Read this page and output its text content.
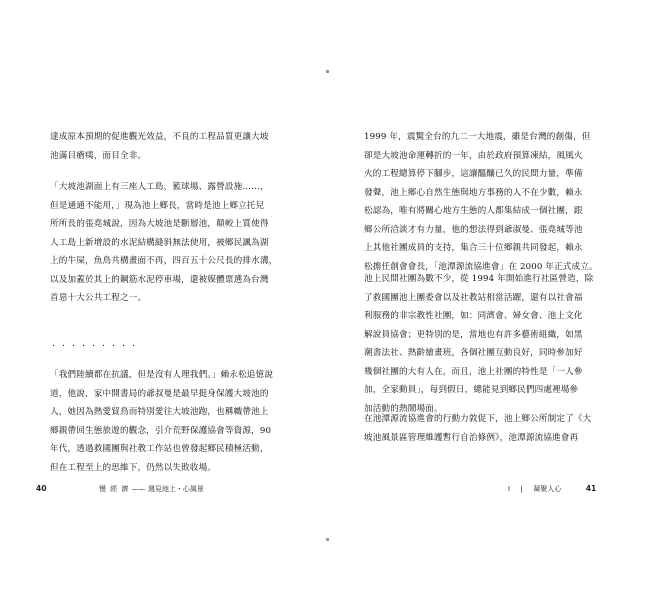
達成原本預期的促進觀光效益，不良的工程品質更讓大坡
池滿目瘡痍，面目全非。
「大坡池湖面上有三座人工島，籃球場、露營設施……，
但是通通不能用，」現為池上鄉長，當時是池上鄉立托兒
所所長的張堯城說，因為大坡池是斷層池，顛較上質使得
人工島上新增設的水泥結構縫斜無法使用，被鄉民諷為湖
上的牛屎，魚鳥共構畫面不再，四百五十公尺長的排水溝，
以及加蓋於其上的鋼筋水泥停車場，還被媒體票選為台灣
首惡十大公共工程之一。
．．．．．．．．．
「我們陸續都在抗議，但是沒有人理我們。」賴永松追憶說
道，他說，家中開書局的爺叔曼是最早挺身保護大坡池的
人，她因為熱愛貿鳥而特別愛往大坡池跑，也稱幟帶池上
鄉親帶回生態旅遊的觀念，引介荒野保護協會等資源，90
年代，透過救國團與社教工作站也曾發起鄉民積極活動，
但在工程至上的思維下，仍然以失敗收場。
40	慢 經 濟 —— 週見池上・心風景
1999 年，震驚全台的九二一大地震，雖是台灣的創傷，但
卻是大坡池命運轉折的一年，由於政府預算凍結，風風火
火的工程總算停下腳步，這讓醞釀已久的民間力量，準備
發聲，池上鄉心自然生態與地方事務的人不在少數，賴永
松認為，唯有將關心地方生態的人都集結成一個社團，跟
鄉公所洽談才有力量，他的想法得到爺淑曼、張堯城等池
上其他社團成員的支持，集合三十位鄉親共同發起，賴永
松擔任創會會長，「池潭源流協進會」在 2000 年正式成立。
池上民間社團為數不少，從 1994 年開始進行社區營造，除
了救國團池上團委會以及社教站相當活躍，還有以社會福
利服務的非宗教性社團，如：同濟會、婦女會、池上文化
解說員協會；更特別的是，當地也有許多藝術組織，如黑
潮書法社、熱齡繪畫班，各個社團互動良好，同時參加好
幾個社團的大有人在，而且，池上社團的特性是「一人參
加，全家動員」，每到假日，總能見到鄉民們四處裡場參
加活動的熱鬧場面。
在池潭源流協進會的行動力敦促下，池上鄉公所制定了《大
坡池風景區管理維護暫行自治條例》，池潭源流協進會再
I | 凝聚人心	41
